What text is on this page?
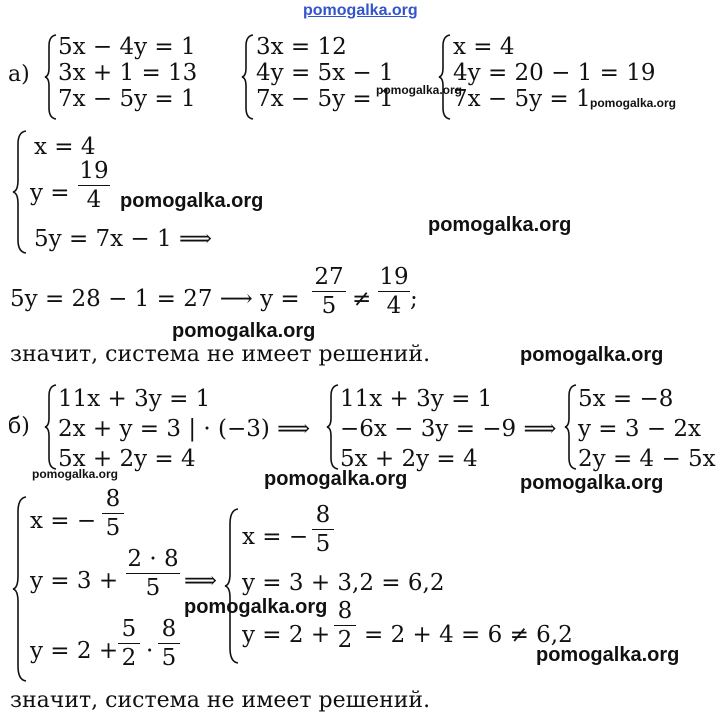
pomogalka.org
а)
5x − 4y = 1
3x + 1 = 13
7x − 5y = 1
3x = 12
4y = 5x − 1
7x − 5y = 1
pomogalka.org
x = 4
4y = 20 − 1 = 19
7x − 5y = 1 pomogalka.org
x = 4
y =
19
4 pomogalka.org
5y = 7x − 1 ⟹
pomogalka.org
5y = 28 − 1 = 27 ⟶ y =
27
5 ≠
19
4 ;
pomogalka.org
значит, система не имеет решений.	pomogalka.org
б)
11x + 3y = 1
2x + y = 3 | · (−3) ⟹
5x + 2y = 4
pomogalka.org
11x + 3y = 1
−6x − 3y = −9 ⟹
5x + 2y = 4
pomogalka.org
5x = −8
y = 3 − 2x
2y = 4 − 5x
pomogalka.org
x = −
8
5
y = 3 +
2 · 8
5	⟹
y = 2 +
5
2 ·
8
5
x = −
8
5
y = 3 + 3,2 = 6,2
pomogalka.org
y = 2 +
8
2 = 2 + 4 = 6 ≠ 6,2
pomogalka.org
значит, система не имеет решений.
